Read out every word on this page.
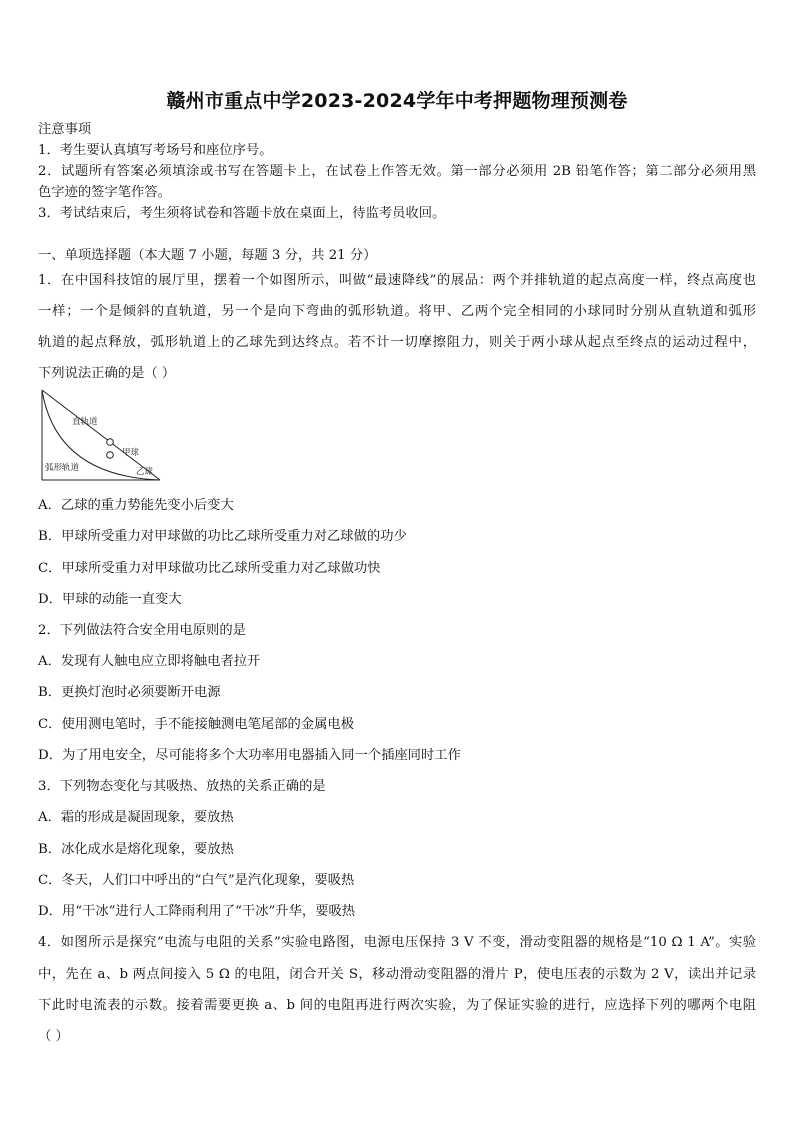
赣州市重点中学2023-2024学年中考押题物理预测卷
注意事项
1．考生要认真填写考场号和座位序号。
2．试题所有答案必须填涂或书写在答题卡上，在试卷上作答无效。第一部分必须用 2B 铅笔作答；第二部分必须用黑
色字迹的签字笔作答。
3．考试结束后，考生须将试卷和答题卡放在桌面上，待监考员收回。
一、单项选择题（本大题 7 小题，每题 3 分，共 21 分）
1．在中国科技馆的展厅里，摆着一个如图所示，叫做“最速降线”的展品：两个并排轨道的起点高度一样，终点高度也
一样；一个是倾斜的直轨道，另一个是向下弯曲的弧形轨道。将甲、乙两个完全相同的小球同时分别从直轨道和弧形
轨道的起点释放，弧形轨道上的乙球先到达终点。若不计一切摩擦阻力，则关于两小球从起点至终点的运动过程中，
下列说法正确的是（ ）
直轨道
甲球
乙球
弧形轨道
A．乙球的重力势能先变小后变大
B．甲球所受重力对甲球做的功比乙球所受重力对乙球做的功少
C．甲球所受重力对甲球做功比乙球所受重力对乙球做功快
D．甲球的动能一直变大
2．下列做法符合安全用电原则的是
A．发现有人触电应立即将触电者拉开
B．更换灯泡时必须要断开电源
C．使用测电笔时，手不能接触测电笔尾部的金属电极
D．为了用电安全，尽可能将多个大功率用电器插入同一个插座同时工作
3．下列物态变化与其吸热、放热的关系正确的是
A．霜的形成是凝固现象，要放热
B．冰化成水是熔化现象，要放热
C．冬天，人们口中呼出的“白气”是汽化现象，要吸热
D．用“干冰”进行人工降雨利用了“干冰”升华，要吸热
4．如图所示是探究“电流与电阻的关系”实验电路图，电源电压保持 3 V 不变，滑动变阻器的规格是“10 Ω 1 A”。实验
中，先在 a、b 两点间接入 5 Ω 的电阻，闭合开关 S，移动滑动变阻器的滑片 P，使电压表的示数为 2 V，读出并记录
下此时电流表的示数。接着需要更换 a、b 间的电阻再进行两次实验，为了保证实验的进行，应选择下列的哪两个电阻
（ ）
